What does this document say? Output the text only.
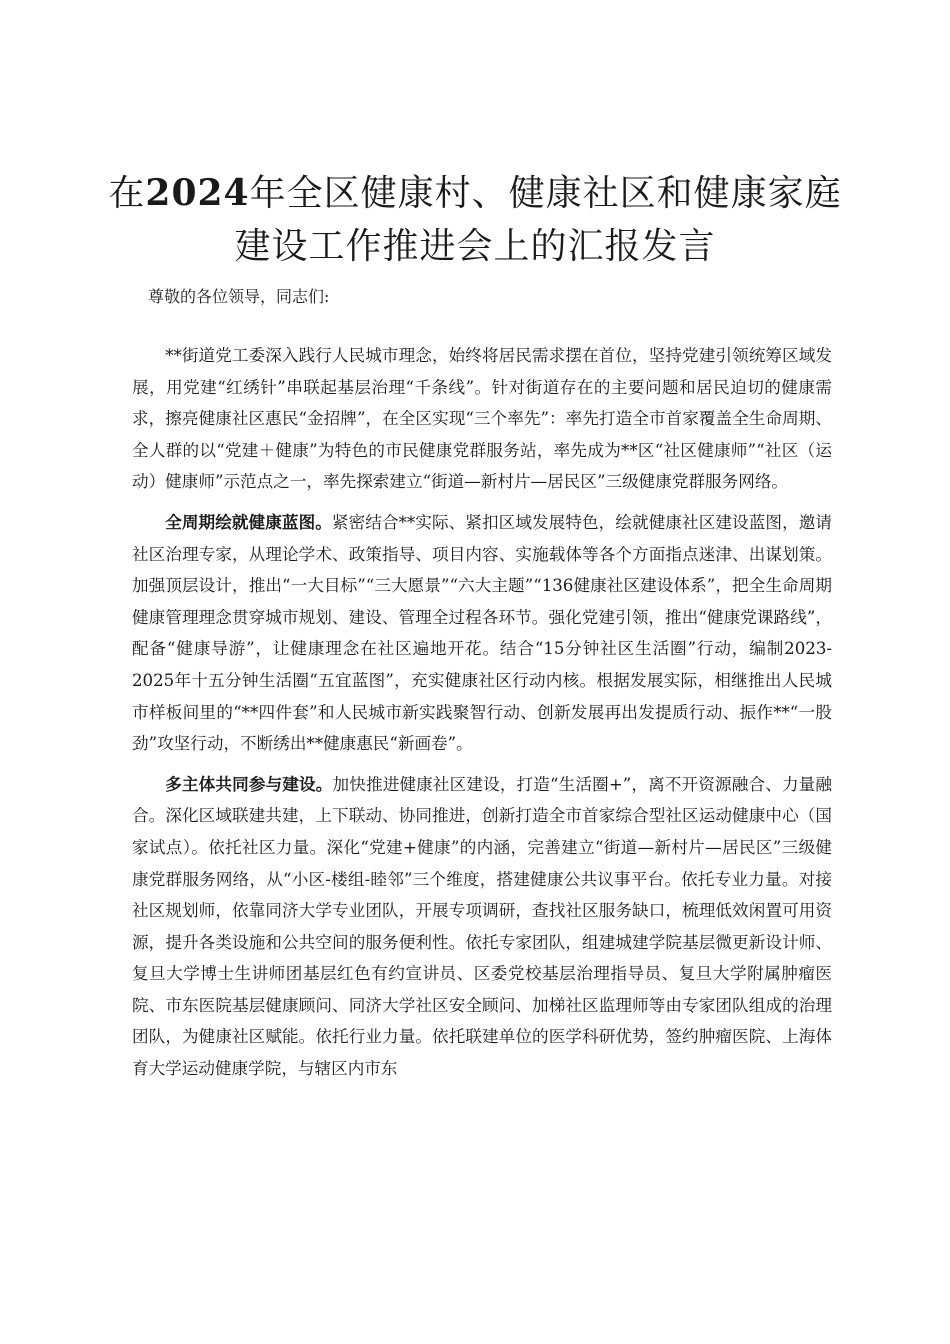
在2024年全区健康村、健康社区和健康家庭
建设工作推进会上的汇报发言

尊敬的各位领导，同志们:

**街道党工委深入践行人民城市理念，始终将居民需求摆在首位，坚持党建引领统筹区域发展，用党建“红绣针”串联起基层治理“千条线”。针对街道存在的主要问题和居民迫切的健康需求，擦亮健康社区惠民“金招牌”，在全区实现“三个率先”：率先打造全市首家覆盖全生命周期、全人群的以“党建＋健康”为特色的市民健康党群服务站，率先成为**区“社区健康师”“社区（运动）健康师”示范点之一，率先探索建立“街道—新村片—居民区”三级健康党群服务网络。

全周期绘就健康蓝图。紧密结合**实际、紧扣区域发展特色，绘就健康社区建设蓝图，邀请社区治理专家，从理论学术、政策指导、项目内容、实施载体等各个方面指点迷津、出谋划策。加强顶层设计，推出“一大目标”“三大愿景”“六大主题”“136健康社区建设体系”，把全生命周期健康管理理念贯穿城市规划、建设、管理全过程各环节。强化党建引领，推出“健康党课路线”，配备“健康导游”，让健康理念在社区遍地开花。结合“15分钟社区生活圈”行动，编制2023-2025年十五分钟生活圈“五宜蓝图”，充实健康社区行动内核。根据发展实际，相继推出人民城市样板间里的“**四件套”和人民城市新实践聚智行动、创新发展再出发提质行动、振作**“一股劲”攻坚行动，不断绣出**健康惠民“新画卷”。

多主体共同参与建设。加快推进健康社区建设，打造“生活圈+”，离不开资源融合、力量融合。深化区域联建共建，上下联动、协同推进，创新打造全市首家综合型社区运动健康中心（国家试点）。依托社区力量。深化“党建+健康”的内涵，完善建立“街道—新村片—居民区”三级健康党群服务网络，从“小区-楼组-睦邻”三个维度，搭建健康公共议事平台。依托专业力量。对接社区规划师，依靠同济大学专业团队，开展专项调研，查找社区服务缺口，梳理低效闲置可用资源，提升各类设施和公共空间的服务便利性。依托专家团队，组建城建学院基层微更新设计师、复旦大学博士生讲师团基层红色有约宣讲员、区委党校基层治理指导员、复旦大学附属肿瘤医院、市东医院基层健康顾问、同济大学社区安全顾问、加梯社区监理师等由专家团队组成的治理团队，为健康社区赋能。依托行业力量。依托联建单位的医学科研优势，签约肿瘤医院、上海体育大学运动健康学院，与辖区内市东
